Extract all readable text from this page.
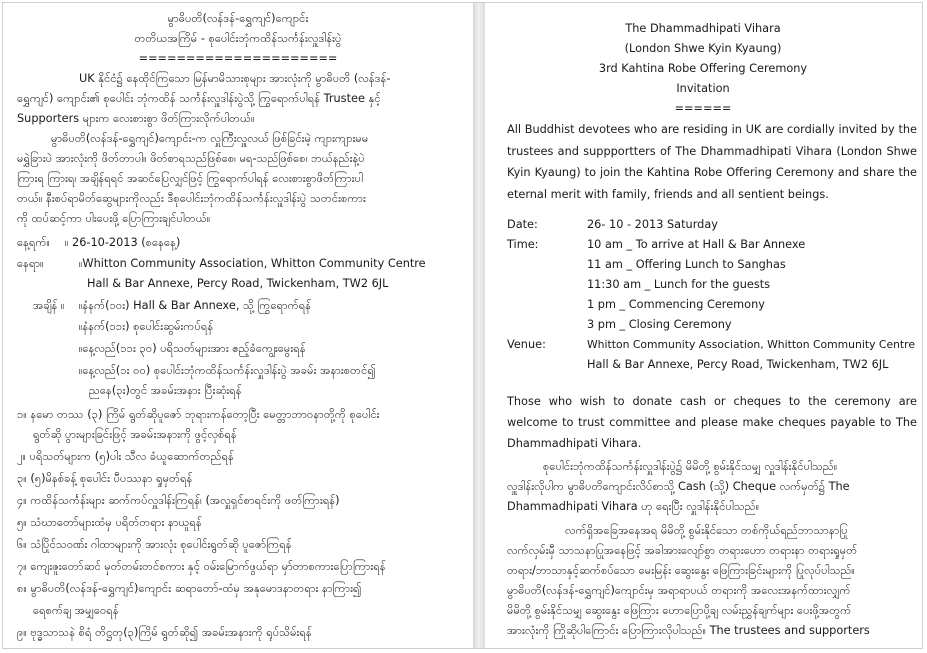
မွာဓိပတိ(လန်ဒန်-ရွှေကျင်)ကျောင်း
တတိယအကြိမ် - စုပေါင်းဘုံကထိန်သင်္ကန်းလှူဒါန်းပွဲ
=====================
UK နိုင်ငံ၌ နေထိုင်ကြသော မြန်မာမိသားစုများ အားလုံးကို မွာဓိပတိ (လန်ဒန်-
ရွှေကျင်) ကျောင်း၏ စုပေါင်း ဘုံကထိန် သင်္ကန်းလှူဒါန်းပွဲသို့ ကြွရောက်ပါရန် Trustee နှင့်
Supporters များက လေးစားစွာ ဖိတ်ကြားလိုက်ပါတယ်။
မွာဓိပတိ(လန်ဒန်-ရွှေကျင်)ကျောင်း-က လှူကြီးလှူလယ် ဖြစ်ခြင်းမဲ့ ကျားကျားမမ
မရွှဲခြားပဲ အားလုံးကို ဖိတ်တာပါ။ ဖိတ်စာရသည်ဖြစ်စေ၊ မရ-သည်ဖြစ်စေ၊ ဘယ်နည်းနဲ့ပဲ
ကြားရ ကြားရ၊ အချိန်ရရင် အဆင်ပြေလျှင်ဖြင့် ကြွရောက်ပါရန် လေးစားစွာဖိတ်ကြားပါ
တယ်။ နီးစပ်ရာမိတ်ဆွေများကိုလည်း ဒီစုပေါင်းဘုံကထိန်သင်္ကန်းလှူဒါန်းပွဲ သတင်းစကား
ကို ထပ်ဆင့်ကာ ပါးပေးဖို့ ပြောကြားချင်ပါတယ်။
နေ့ရက်။ ။ 26-10-2013 (စနေနေ့)
နေရာ။	။Whitton Community Association, Whitton Community Centre
Hall & Bar Annexe, Percy Road, Twickenham, TW2 6JL
အချိန် ။ ။နံနက်(၁၀း) Hall & Bar Annexe, သို့ ကြွရောက်ရန်
။နံနက်(၁၁း) စုပေါင်းဆွမ်းကပ်ရန်
။နေ့လည်(၁၁း ၃၀) ပရိသတ်များအား ဧည့်ခံကျွေးမွေးရန်
။နေ့လည်(၁း ၀၀) စုပေါင်းဘုံကထိန်သင်္ကန်းလှူဒါန်းပွဲ အခမ်း အနားစတင်၍
ညနေ(၃း)တွင် အခမ်းအနား ပြီးဆုံးရန်
၁။ နမော တဿ (၃) ကြိမ် ရွတ်ဆိုပူဇော် ဘုရားကန်တော့ပြီး မေတ္တာဘာဝနာတို့ကို စုပေါင်း
ရွတ်ဆို ပွားများခြင်းဖြင့် အခမ်းအနားကို ဖွင့်လှစ်ရန်
၂။ ပရိသတ်များက (၅)ပါး သီလ ခံယူဆောက်တည်ရန်
၃။ (၅)မိနစ်ခန့် စုပေါင်း ပီပဿနာ ရှုမှတ်ရန်
၄။ ကထိန်သင်္ကန်းများ ဆက်ကပ်လှူဒါန်းကြရန်၊ (အလှူရှင်စာရင်းကို ဖတ်ကြားရန်)
၅။ သံဃာတော်များထံမှ ပရိတ်တရား နာယူရန်
၆။ သံပြိုင်သဝဏ်း ဂါထာများကို အားလုံး စုပေါင်းရွတ်ဆို ပူဇော်ကြရန်
၇။ ကျေးဇူးတော်ဆင် မှတ်တမ်းတင်စကား နှင့် ဝမ်းမြောက်ဖွယ်ရာ မှာ်တာစကားပြောကြားရန်
၈။ မွာဓိပတိ(လန်ဒန်-ရွှေကျင်)ကျောင်း ဆရာတော်-ထံမှ အနုမောဒနာတရား နာကြား၍
ရေစက်ချ အမျှဝေရန်
၉။ ဗုဒ္ဓသာသနဲ စိရံ တိဋ္ဌတု(၃)ကြိမ် ရွတ်ဆို၍ အခမ်းအနားကို ရုပ်သိမ်းရန်
The Dhammadhipati Vihara
(London Shwe Kyin Kyaung)
3rd Kahtina Robe Offering Ceremony
Invitation
======
All Buddhist devotees who are residing in UK are cordially invited by the trustees and suppportters of The Dhammadhipati Vihara (London Shwe Kyin Kyaung) to join the Kahtina Robe Offering Ceremony and share the eternal merit with family, friends and all sentient beings.
Date:	26- 10 - 2013 Saturday
Time:	10 am _ To arrive at Hall & Bar Annexe
11 am _ Offering Lunch to Sanghas
11:30 am _ Lunch for the guests
1 pm _ Commencing Ceremony
3 pm _ Closing Ceremony
Venue:	Whitton Community Association, Whitton Community Centre
Hall & Bar Annexe, Percy Road, Twickenham, TW2 6JL
Those who wish to donate cash or cheques to the ceremony are welcome to trust committee and please make cheques payable to The Dhammadhipati Vihara.
စုပေါင်းဘုံကထိန်သင်္ကန်းလှူဒါန်းပွဲ၌ မိမိတို့ စွမ်းနိုင်သမျှ လှူဒါန်းနိုင်ပါသည်။
လှူဒါန်းလိုပါက မွာဓိပတိကျောင်းလိပ်စာသို့ Cash (သို့) Cheque လက်မှတ်၌ The
Dhammadhipati Vihara ဟု ရေးပြီး လှူဒါန်းနိုင်ပါသည်။
လက်ရှိအခြေအနေအရ မိမိတို့ စွမ်းနိုင်သော တစ်ကိုယ်ရည်ဘာသာနာပြု
လက်လှမ်းမှီ သာသနာပြုအနေဖြင့် အခါအားလျော်စွာ တရားဟော တရားနာ တရားရှုမှတ်
တရား/ဘာသာနှင့်ဆက်စပ်သော မေးမြန်း ဆွေးနွေး ဖြေကြားခြင်းများကို ပြုလုပ်ပါသည်။
မွာဓိပတိ(လန်ဒန်-ရွှေကျင်)ကျောင်းမှ အရာရာပယ် တရားကို အလေးအနက်ထားလျှက်
မိမိတို့ စွမ်းနိုင်သမျှ ဆွေးနွေး ဖြေကြား ဟောပြောပို့ချ လမ်းညွှန်ချက်များ ပေးဖို့အတွက်
အားလုံးကို ကြိုဆိုပါကြောင်း ပြောကြားလိုပါသည်။ The trustees and supporters
